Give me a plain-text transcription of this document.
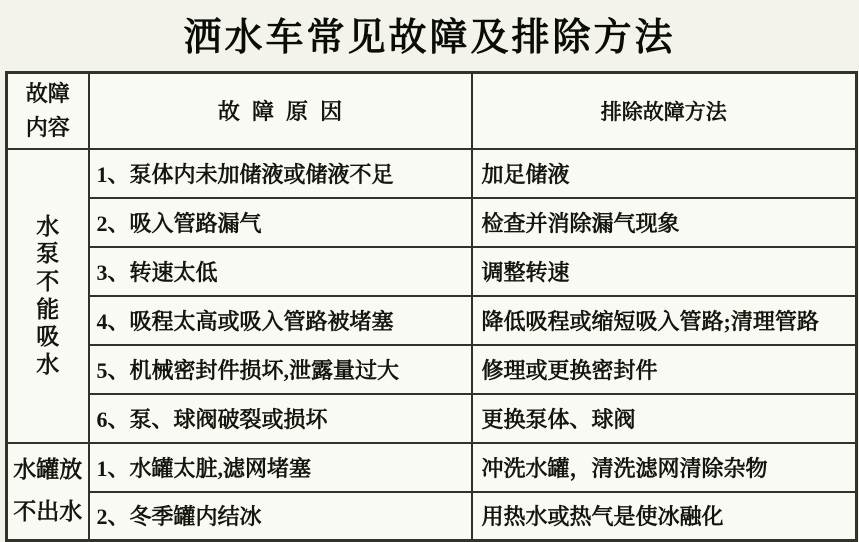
洒水车常见故障及排除方法
故障内容	故障原因	排除故障方法

水泵不能吸水	1、泵体内未加储液或储液不足	加足储液
	2、吸入管路漏气	检查并消除漏气现象
	3、转速太低	调整转速
	4、吸程太高或吸入管路被堵塞	降低吸程或缩短吸入管路;清理管路
	5、机械密封件损坏,泄露量过大	修理或更换密封件
	6、泵、球阀破裂或损坏	更换泵体、球阀

水罐放不出水	1、水罐太脏,滤网堵塞	冲洗水罐，清洗滤网清除杂物
	2、冬季罐内结冰	用热水或热气是使冰融化
